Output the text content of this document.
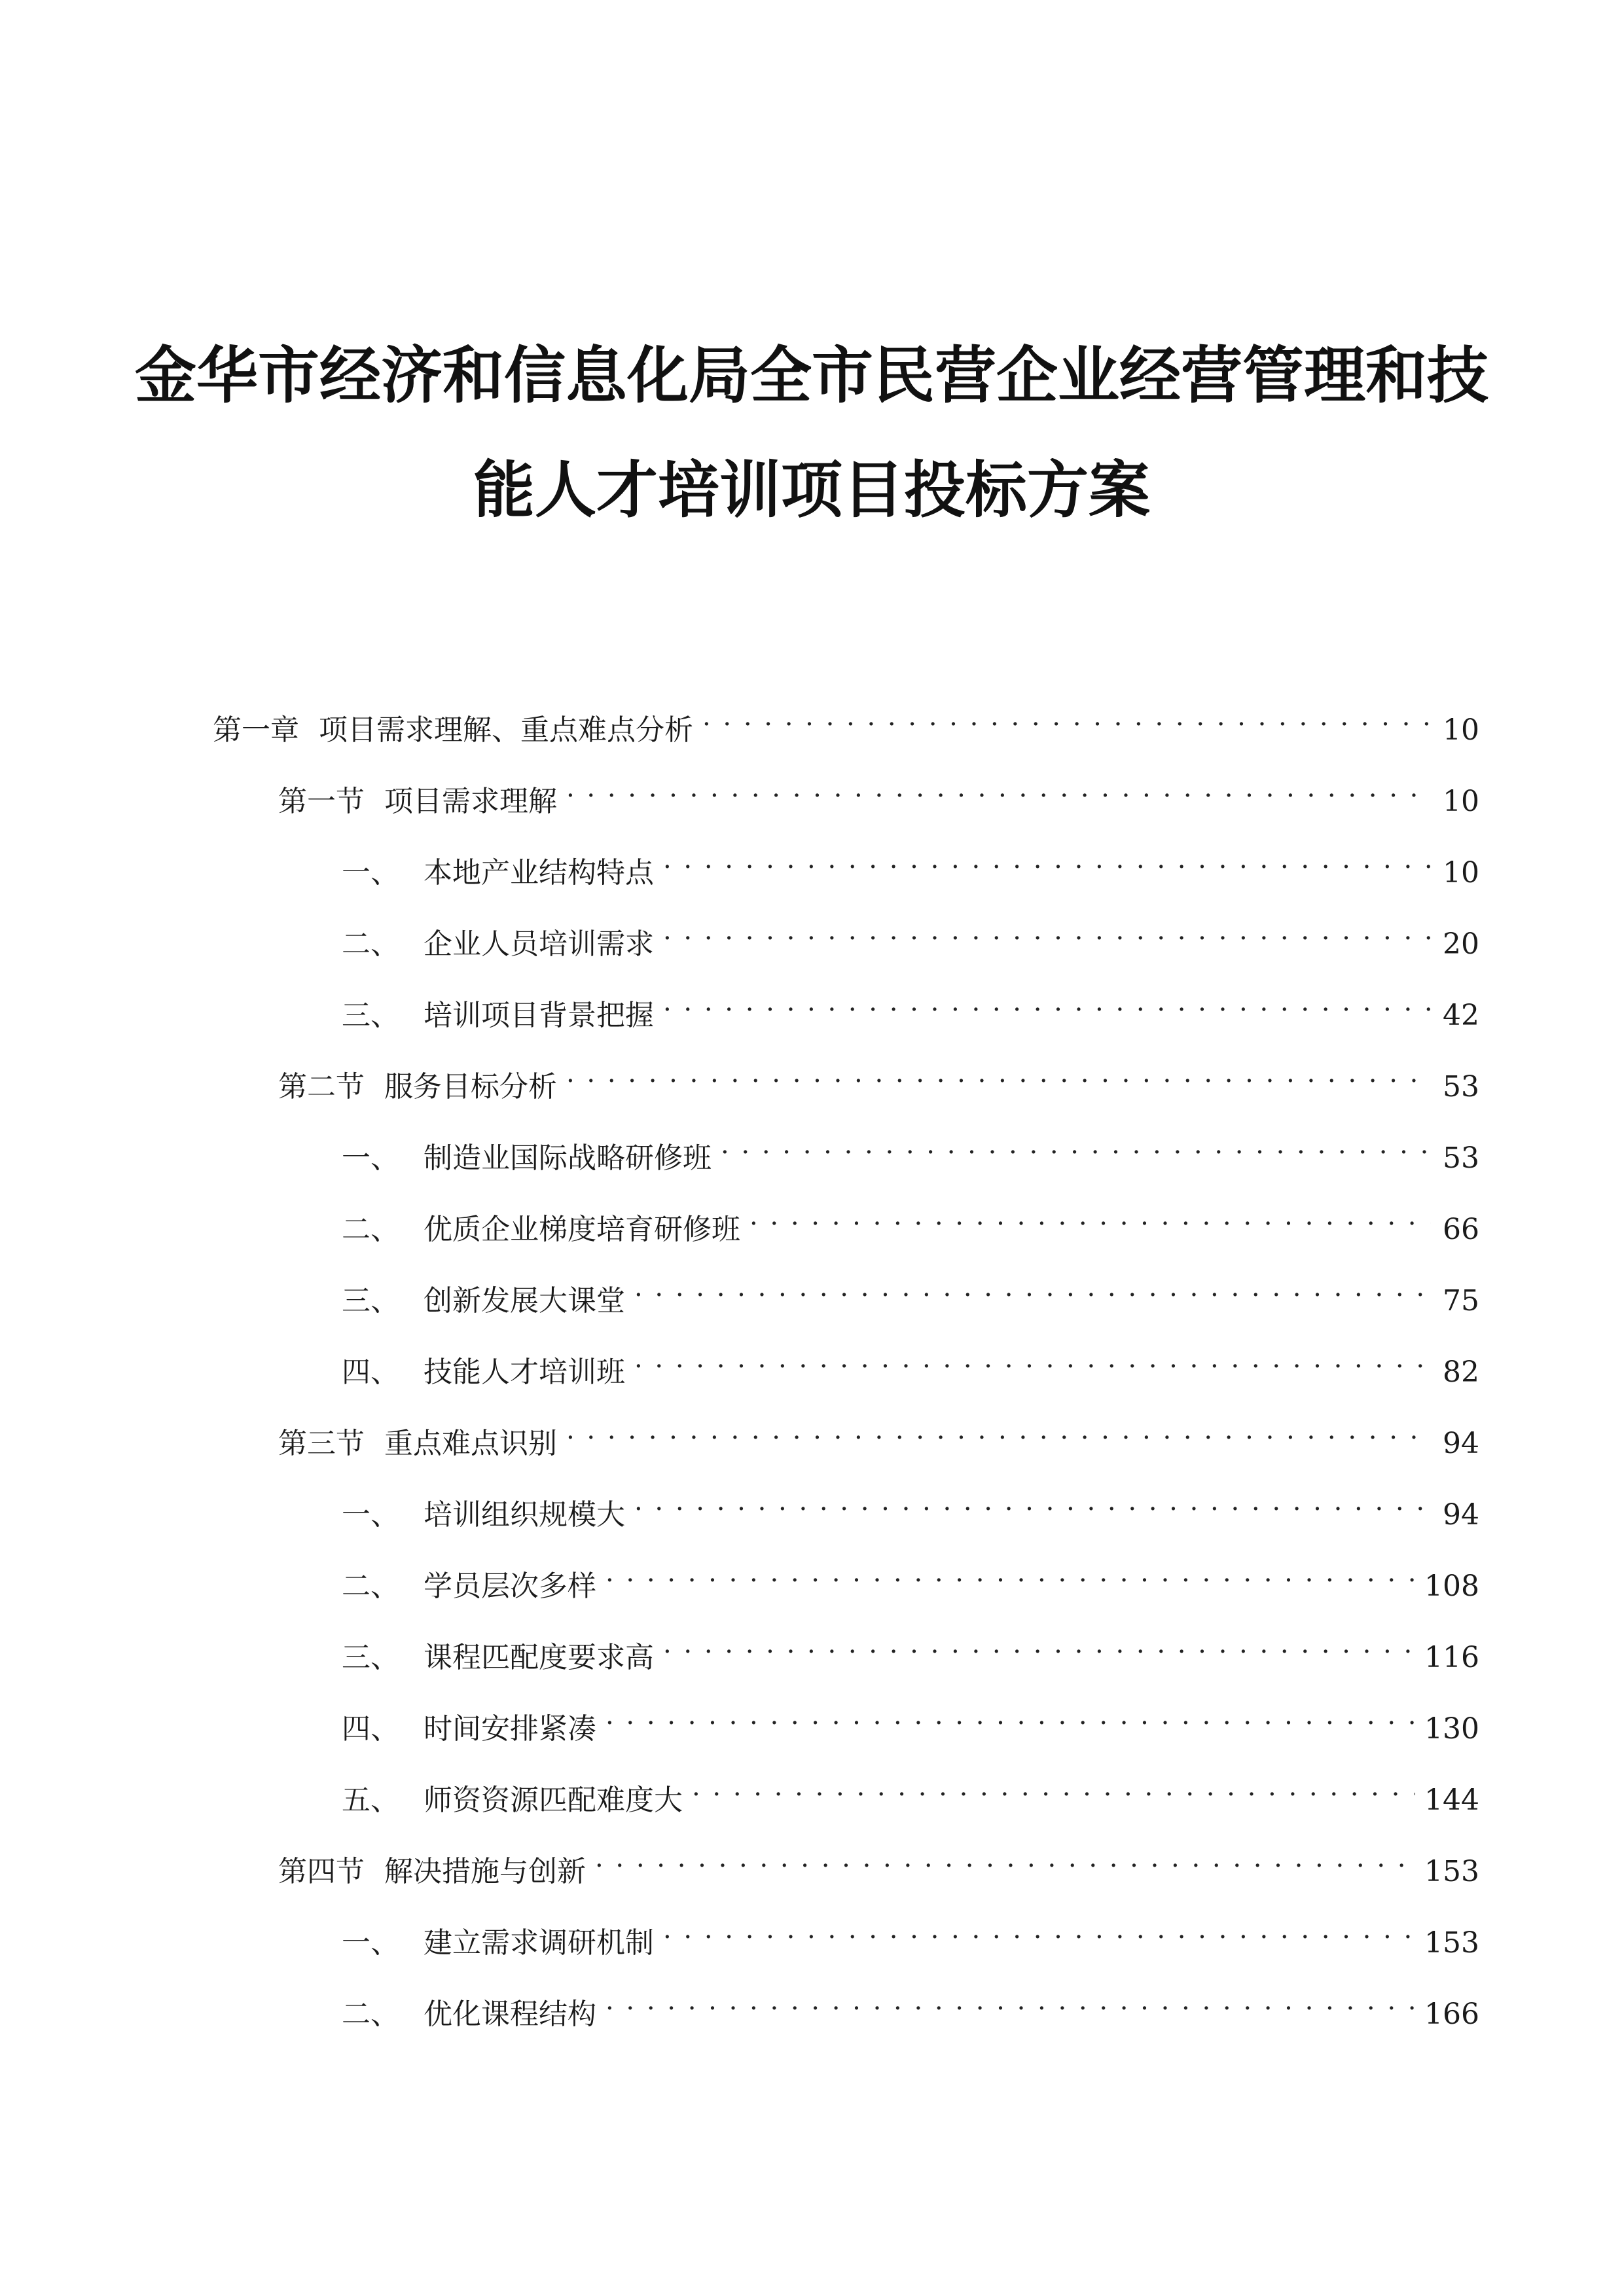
金华市经济和信息化局全市民营企业经营管理和技
能人才培训项目投标方案
第一章 项目需求理解、重点难点分析 . . .	10
第一节 项目需求理解 . . .	10
一、 本地产业结构特点 . . .	10
二、 企业人员培训需求 . . .	20
三、 培训项目背景把握 . . .	42
第二节 服务目标分析 . . .	53
一、 制造业国际战略研修班 . . .	53
二、 优质企业梯度培育研修班 . . .	66
三、 创新发展大课堂 . . .	75
四、 技能人才培训班 . . .	82
第三节 重点难点识别 . . .	94
一、 培训组织规模大 . . .	94
二、 学员层次多样 . . .	108
三、 课程匹配度要求高 . . .	116
四、 时间安排紧凑 . . .	130
五、 师资资源匹配难度大 . . .	144
第四节 解决措施与创新 . . .	153
一、 建立需求调研机制 . . .	153
二、 优化课程结构 . . .	166
